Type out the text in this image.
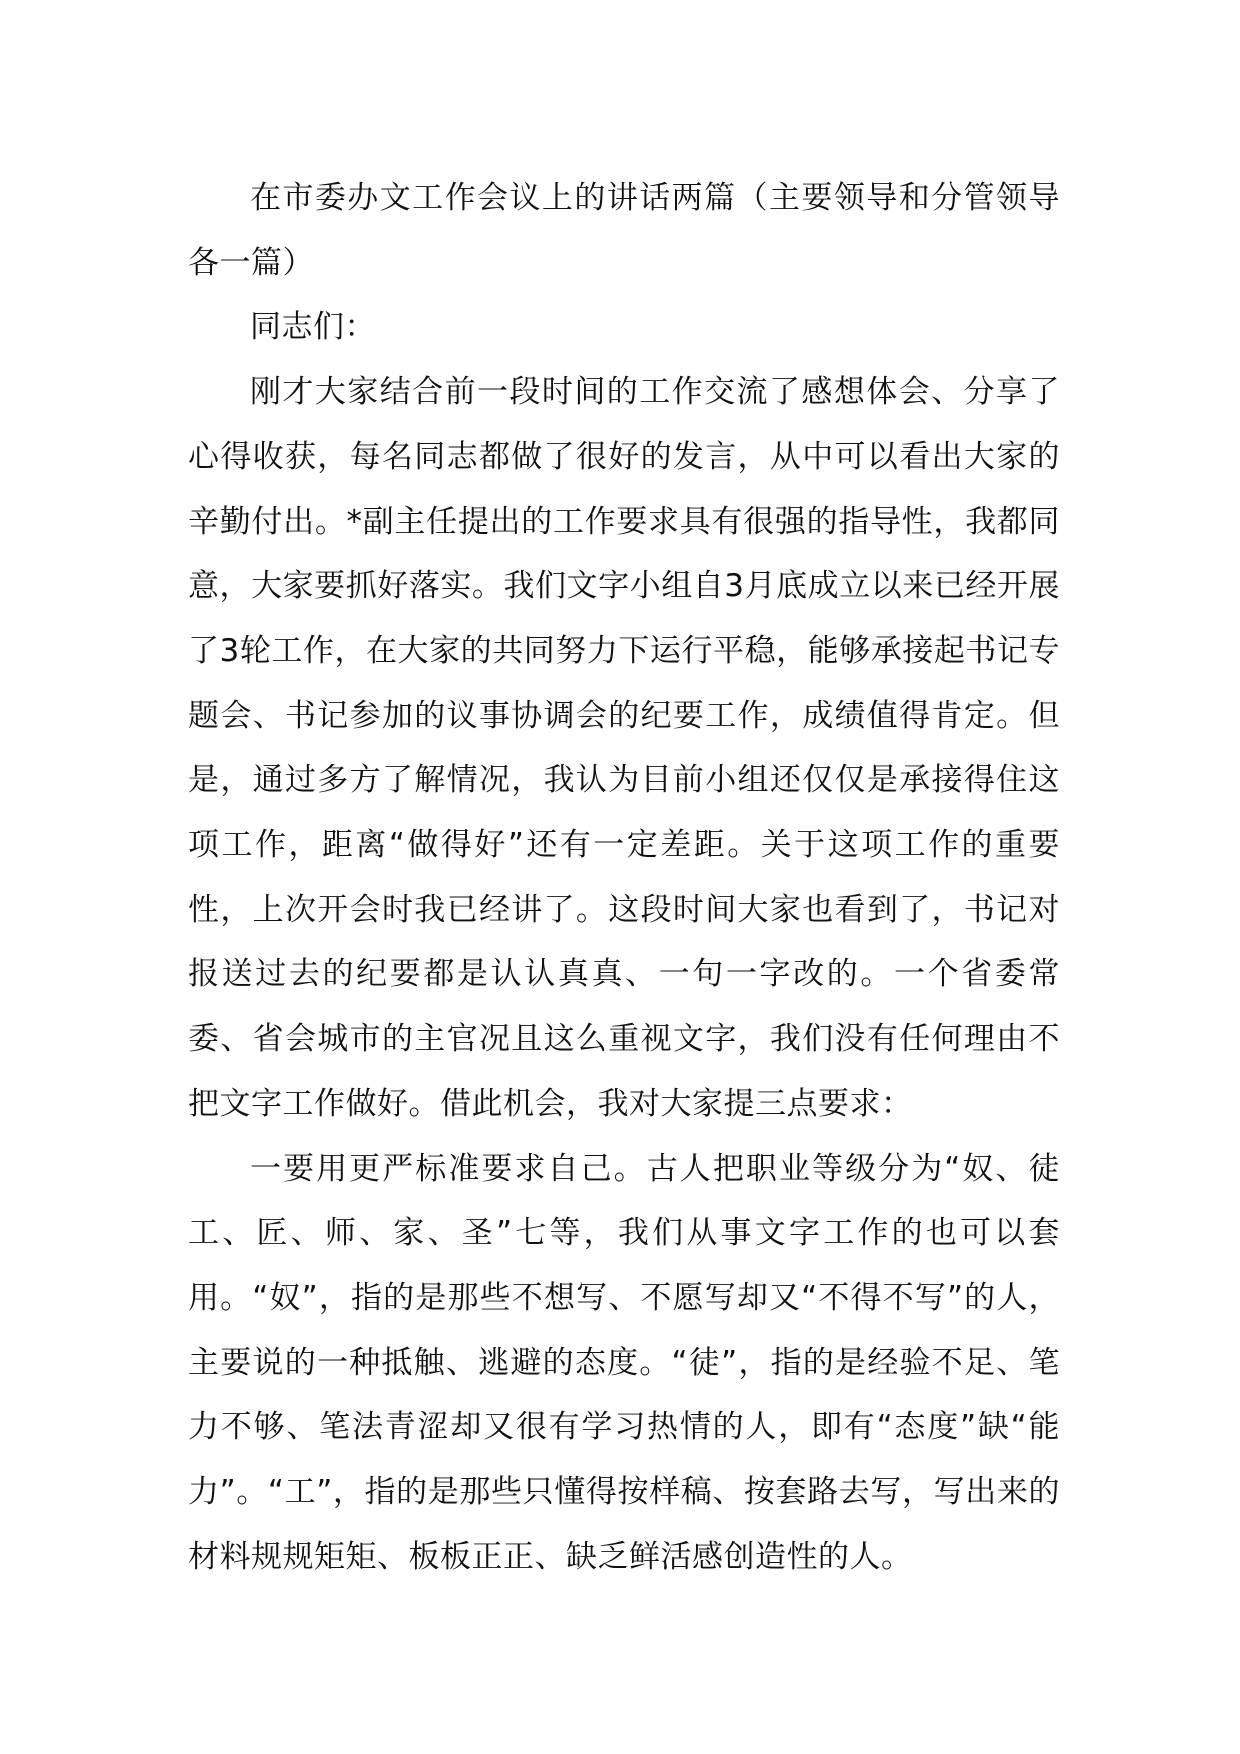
在市委办文工作会议上的讲话两篇（主要领导和分管领导各一篇）

同志们：

刚才大家结合前一段时间的工作交流了感想体会、分享了心得收获，每名同志都做了很好的发言，从中可以看出大家的辛勤付出。*副主任提出的工作要求具有很强的指导性，我都同意，大家要抓好落实。我们文字小组自3月底成立以来已经开展了3轮工作，在大家的共同努力下运行平稳，能够承接起书记专题会、书记参加的议事协调会的纪要工作，成绩值得肯定。但是，通过多方了解情况，我认为目前小组还仅仅是承接得住这项工作，距离“做得好”还有一定差距。关于这项工作的重要性，上次开会时我已经讲了。这段时间大家也看到了，书记对报送过去的纪要都是认认真真、一句一字改的。一个省委常委、省会城市的主官况且这么重视文字，我们没有任何理由不把文字工作做好。借此机会，我对大家提三点要求：

一要用更严标准要求自己。古人把职业等级分为“奴、徒工、匠、师、家、圣”七等，我们从事文字工作的也可以套用。“奴”，指的是那些不想写、不愿写却又“不得不写”的人，主要说的一种抵触、逃避的态度。“徒”，指的是经验不足、笔力不够、笔法青涩却又很有学习热情的人，即有“态度”缺“能力”。“工”，指的是那些只懂得按样稿、按套路去写，写出来的材料规规矩矩、板板正正、缺乏鲜活感创造性的人。
